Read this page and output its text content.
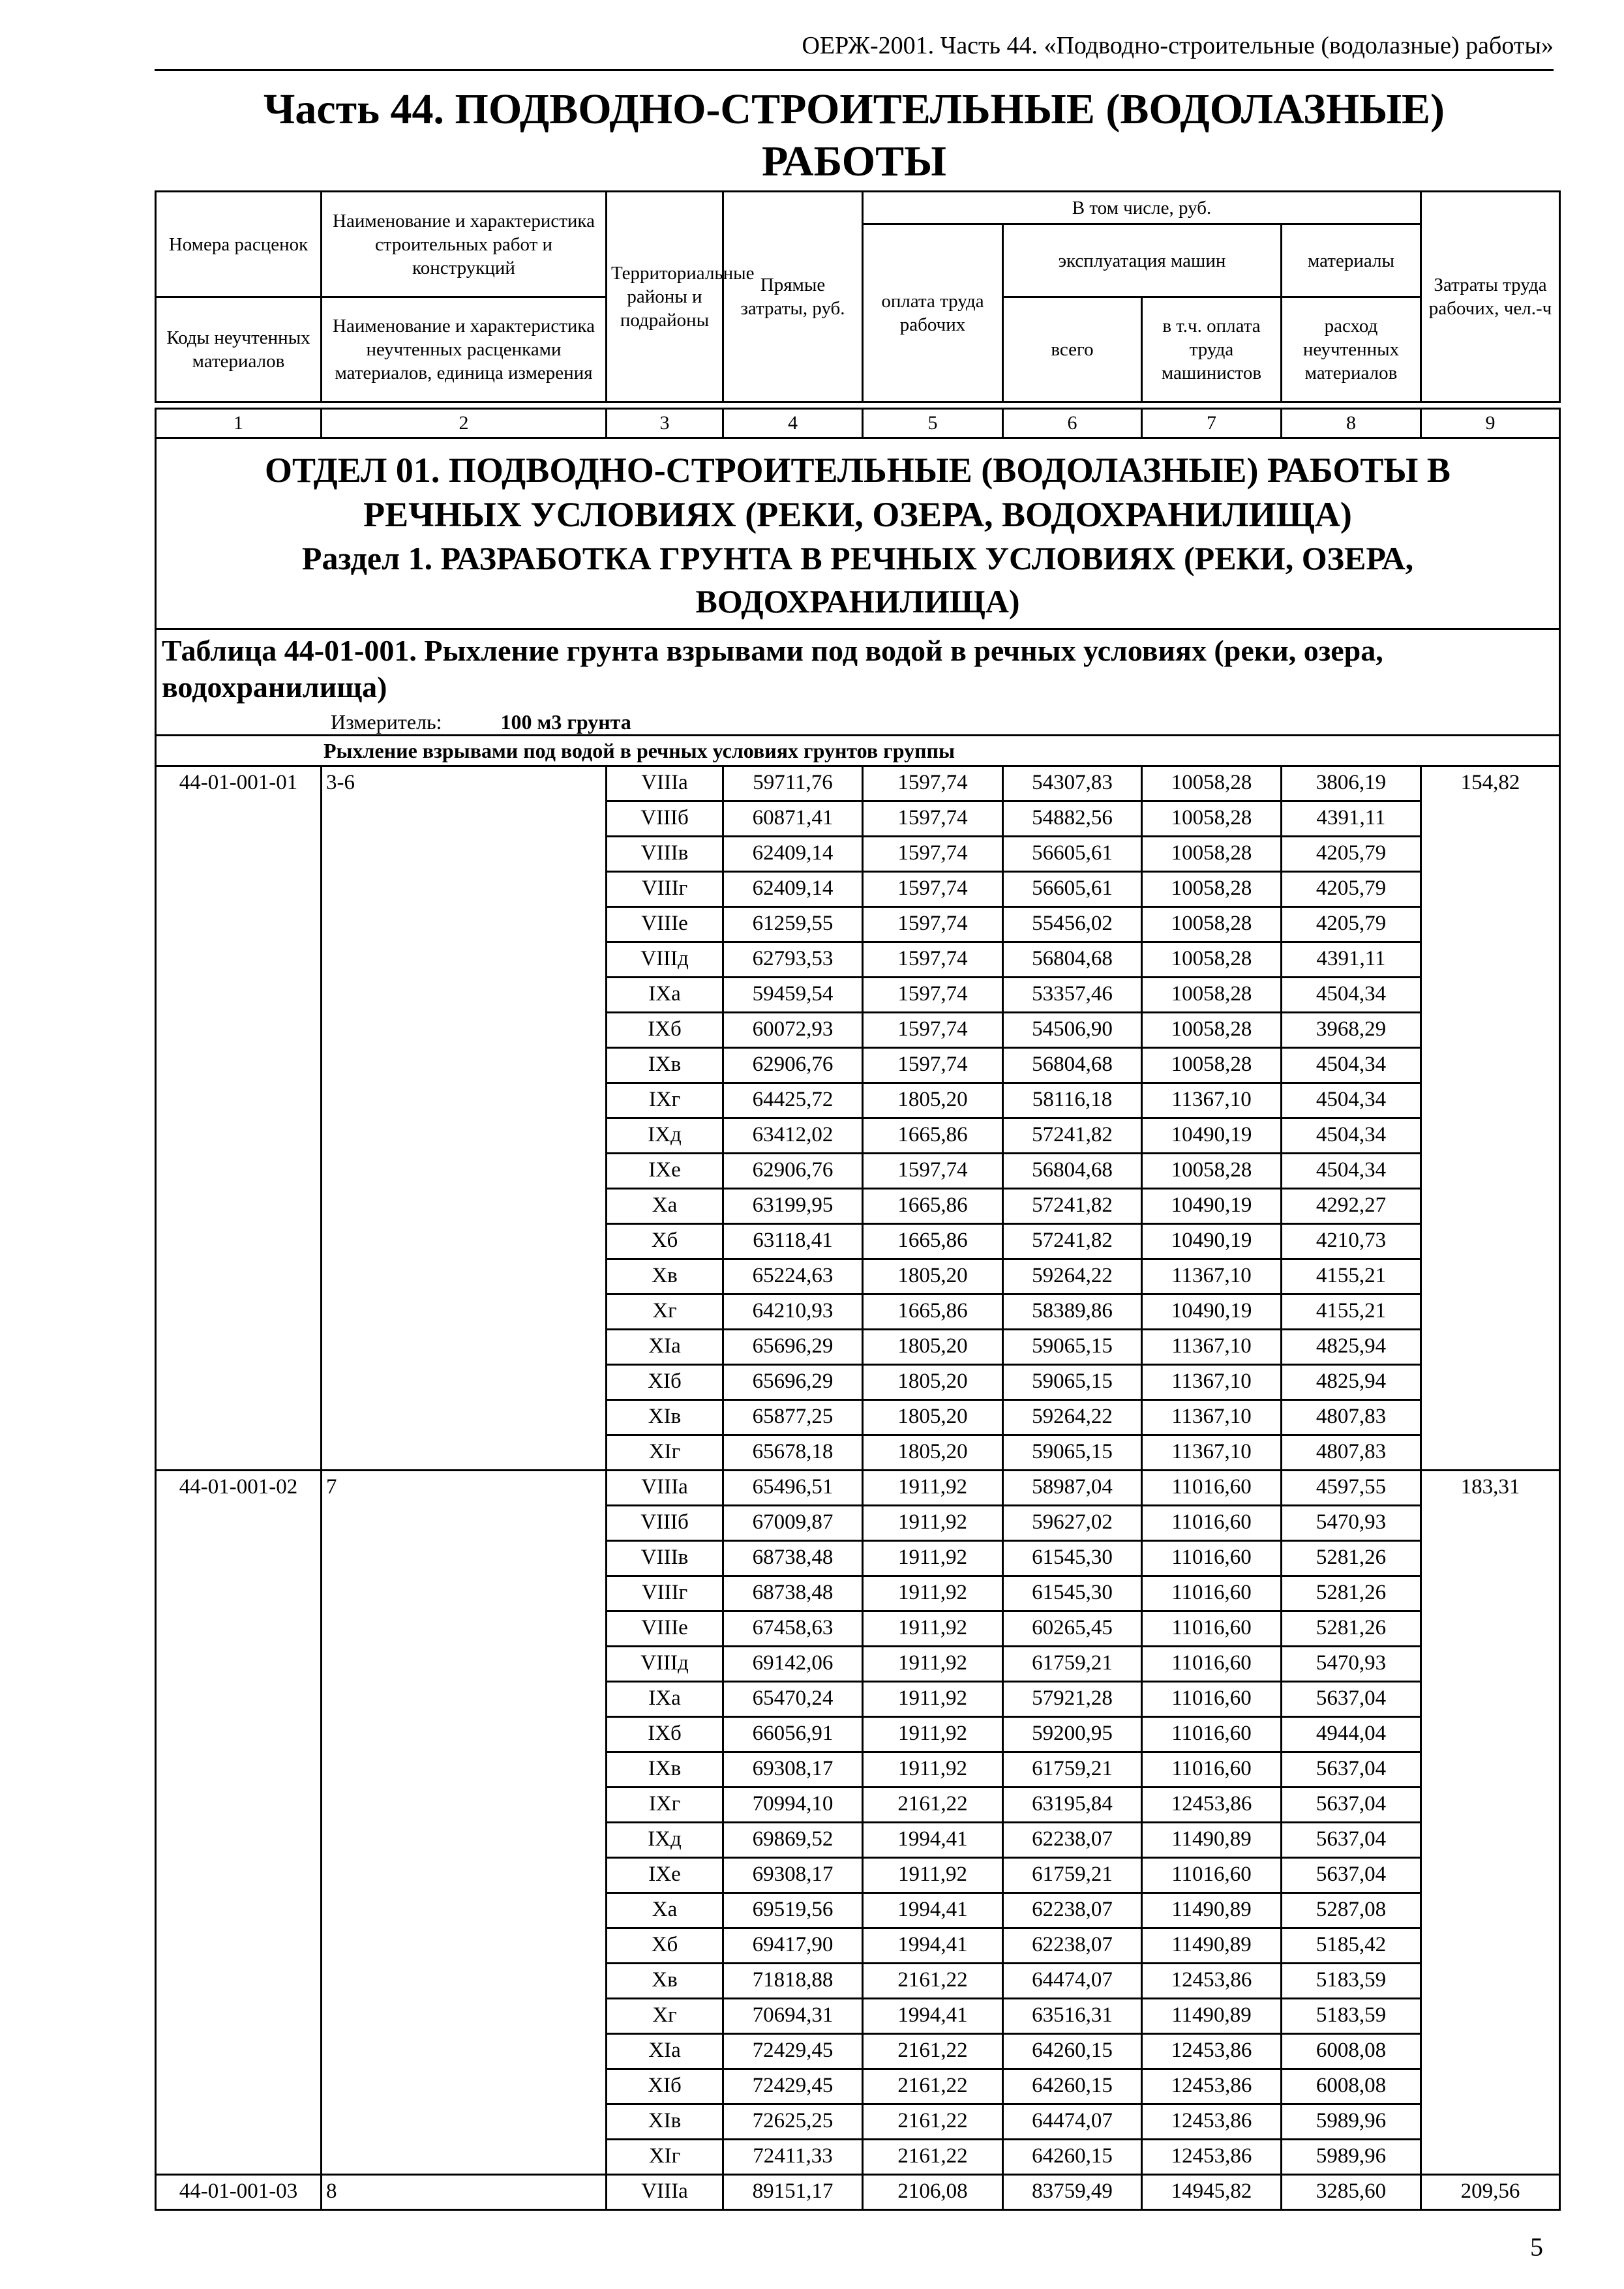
ОЕРЖ-2001. Часть 44. «Подводно-строительные (водолазные) работы»
Часть 44. ПОДВОДНО-СТРОИТЕЛЬНЫЕ (ВОДОЛАЗНЫЕ)
РАБОТЫ
Номера расценок	Наименование и характеристика строительных работ и конструкций	Территориальные районы и подрайоны	Прямые затраты, руб.	В том числе, руб.				Затраты труда рабочих, чел.-ч
				оплата труда рабочих	эксплуатация машин		материалы	
Коды неучтенных материалов	Наименование и характеристика неучтенных расценками материалов, единица измерения				всего	в т.ч. оплата труда машинистов	расход неучтенных материалов	

1	2	3	4	5	6	7	8	9

ОТДЕЛ 01. ПОДВОДНО-СТРОИТЕЛЬНЫЕ (ВОДОЛАЗНЫЕ) РАБОТЫ В
РЕЧНЫХ УСЛОВИЯХ (РЕКИ, ОЗЕРА, ВОДОХРАНИЛИЩА)
Раздел 1. РАЗРАБОТКА ГРУНТА В РЕЧНЫХ УСЛОВИЯХ (РЕКИ, ОЗЕРА,
ВОДОХРАНИЛИЩА)								

Таблица 44-01-001. Рыхление грунта взрывами под водой в речных условиях (реки, озера, водохранилища)
Измеритель: 100 м3 грунта								

Рыхление взрывами под водой в речных условиях грунтов группы								
44-01-001-01	3-6	VIIIа	59711,76	1597,74	54307,83	10058,28	3806,19	154,82
		VIIIб	60871,41	1597,74	54882,56	10058,28	4391,11	
		VIIIв	62409,14	1597,74	56605,61	10058,28	4205,79	
		VIIIг	62409,14	1597,74	56605,61	10058,28	4205,79	
		VIIIе	61259,55	1597,74	55456,02	10058,28	4205,79	
		VIIIд	62793,53	1597,74	56804,68	10058,28	4391,11	
		IXа	59459,54	1597,74	53357,46	10058,28	4504,34	
		IXб	60072,93	1597,74	54506,90	10058,28	3968,29	
		IXв	62906,76	1597,74	56804,68	10058,28	4504,34	
		IXг	64425,72	1805,20	58116,18	11367,10	4504,34	
		IXд	63412,02	1665,86	57241,82	10490,19	4504,34	
		IXе	62906,76	1597,74	56804,68	10058,28	4504,34	
		Xа	63199,95	1665,86	57241,82	10490,19	4292,27	
		Xб	63118,41	1665,86	57241,82	10490,19	4210,73	
		Xв	65224,63	1805,20	59264,22	11367,10	4155,21	
		Xг	64210,93	1665,86	58389,86	10490,19	4155,21	
		XIа	65696,29	1805,20	59065,15	11367,10	4825,94	
		XIб	65696,29	1805,20	59065,15	11367,10	4825,94	
		XIв	65877,25	1805,20	59264,22	11367,10	4807,83	
		XIг	65678,18	1805,20	59065,15	11367,10	4807,83	
44-01-001-02	7	VIIIа	65496,51	1911,92	58987,04	11016,60	4597,55	183,31
		VIIIб	67009,87	1911,92	59627,02	11016,60	5470,93	
		VIIIв	68738,48	1911,92	61545,30	11016,60	5281,26	
		VIIIг	68738,48	1911,92	61545,30	11016,60	5281,26	
		VIIIе	67458,63	1911,92	60265,45	11016,60	5281,26	
		VIIIд	69142,06	1911,92	61759,21	11016,60	5470,93	
		IXа	65470,24	1911,92	57921,28	11016,60	5637,04	
		IXб	66056,91	1911,92	59200,95	11016,60	4944,04	
		IXв	69308,17	1911,92	61759,21	11016,60	5637,04	
		IXг	70994,10	2161,22	63195,84	12453,86	5637,04	
		IXд	69869,52	1994,41	62238,07	11490,89	5637,04	
		IXе	69308,17	1911,92	61759,21	11016,60	5637,04	
		Xа	69519,56	1994,41	62238,07	11490,89	5287,08	
		Xб	69417,90	1994,41	62238,07	11490,89	5185,42	
		Xв	71818,88	2161,22	64474,07	12453,86	5183,59	
		Xг	70694,31	1994,41	63516,31	11490,89	5183,59	
		XIа	72429,45	2161,22	64260,15	12453,86	6008,08	
		XIб	72429,45	2161,22	64260,15	12453,86	6008,08	
		XIв	72625,25	2161,22	64474,07	12453,86	5989,96	
		XIг	72411,33	2161,22	64260,15	12453,86	5989,96	
44-01-001-03	8	VIIIа	89151,17	2106,08	83759,49	14945,82	3285,60	209,56
5
